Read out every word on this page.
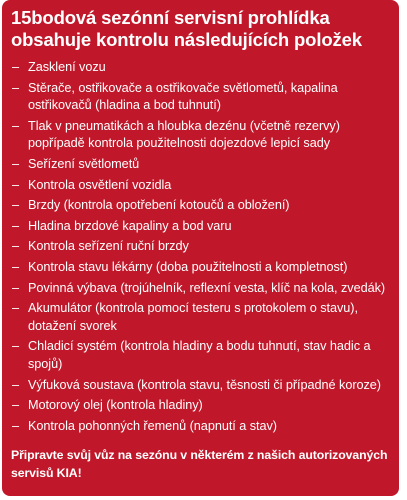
15bodová sezónní servisní prohlídka obsahuje kontrolu následujících položek
– Zasklení vozu
– Stěrače, ostřikovače a ostřikovače světlometů, kapalina ostřikovačů (hladina a bod tuhnutí)
– Tlak v pneumatikách a hloubka dezénu (včetně rezervy) popřípadě kontrola použitelnosti dojezdové lepicí sady
– Seřízení světlometů
– Kontrola osvětlení vozidla
– Brzdy (kontrola opotřebení kotoučů a obložení)
– Hladina brzdové kapaliny a bod varu
– Kontrola seřízení ruční brzdy
– Kontrola stavu lékárny (doba použitelnosti a kompletnost)
– Povinná výbava (trojúhelník, reflexní vesta, klíč na kola, zvedák)
– Akumulátor (kontrola pomocí testeru s protokolem o stavu), dotažení svorek
– Chladicí systém (kontrola hladiny a bodu tuhnutí, stav hadic a spojů)
– Výfuková soustava (kontrola stavu, těsnosti či případné koroze)
– Motorový olej (kontrola hladiny)
– Kontrola pohonných řemenů (napnutí a stav)
Připravte svůj vůz na sezónu v některém z našich autorizovaných servisů KIA!
